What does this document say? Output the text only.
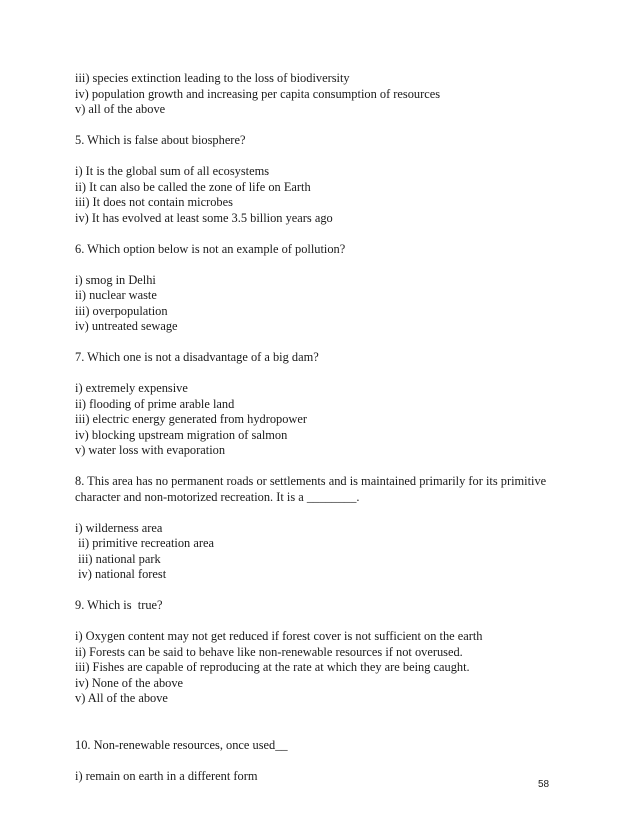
iii) species extinction leading to the loss of biodiversity
iv) population growth and increasing per capita consumption of resources
v) all of the above
5. Which is false about biosphere?
i) It is the global sum of all ecosystems
ii) It can also be called the zone of life on Earth
iii) It does not contain microbes
iv) It has evolved at least some 3.5 billion years ago
6. Which option below is not an example of pollution?
i) smog in Delhi
ii) nuclear waste
iii) overpopulation
iv) untreated sewage
7. Which one is not a disadvantage of a big dam?
i) extremely expensive
ii) flooding of prime arable land
iii) electric energy generated from hydropower
iv) blocking upstream migration of salmon
v) water loss with evaporation
8. This area has no permanent roads or settlements and is maintained primarily for its primitive
character and non-motorized recreation. It is a ________.
i) wilderness area
ii) primitive recreation area
iii) national park
iv) national forest
9. Which is  true?
i) Oxygen content may not get reduced if forest cover is not sufficient on the earth
ii) Forests can be said to behave like non-renewable resources if not overused.
iii) Fishes are capable of reproducing at the rate at which they are being caught.
iv) None of the above
v) All of the above
10. Non-renewable resources, once used__
i) remain on earth in a different form
58
